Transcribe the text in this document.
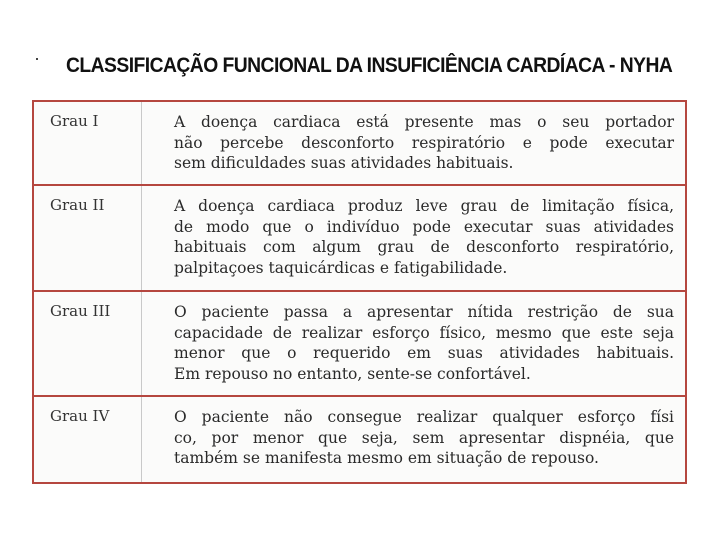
CLASSIFICAÇÃO FUNCIONAL DA INSUFICIÊNCIA CARDÍACA - NYHA
Grau I	A doença cardiaca está presente mas o seu portador
não percebe desconforto respiratório e pode executar
sem dificuldades suas atividades habituais.
Grau II	A doença cardiaca produz leve grau de limitação física,
de modo que o indivíduo pode executar suas atividades
habituais com algum grau de desconforto respiratório,
palpitaçoes taquicárdicas e fatigabilidade.
Grau III	O paciente passa a apresentar nítida restrição de sua
capacidade de realizar esforço físico, mesmo que este seja
menor que o requerido em suas atividades habituais.
Em repouso no entanto, sente-se confortável.
Grau IV	O paciente não consegue realizar qualquer esforço físi
co, por menor que seja, sem apresentar dispnéia, que
também se manifesta mesmo em situação de repouso.
